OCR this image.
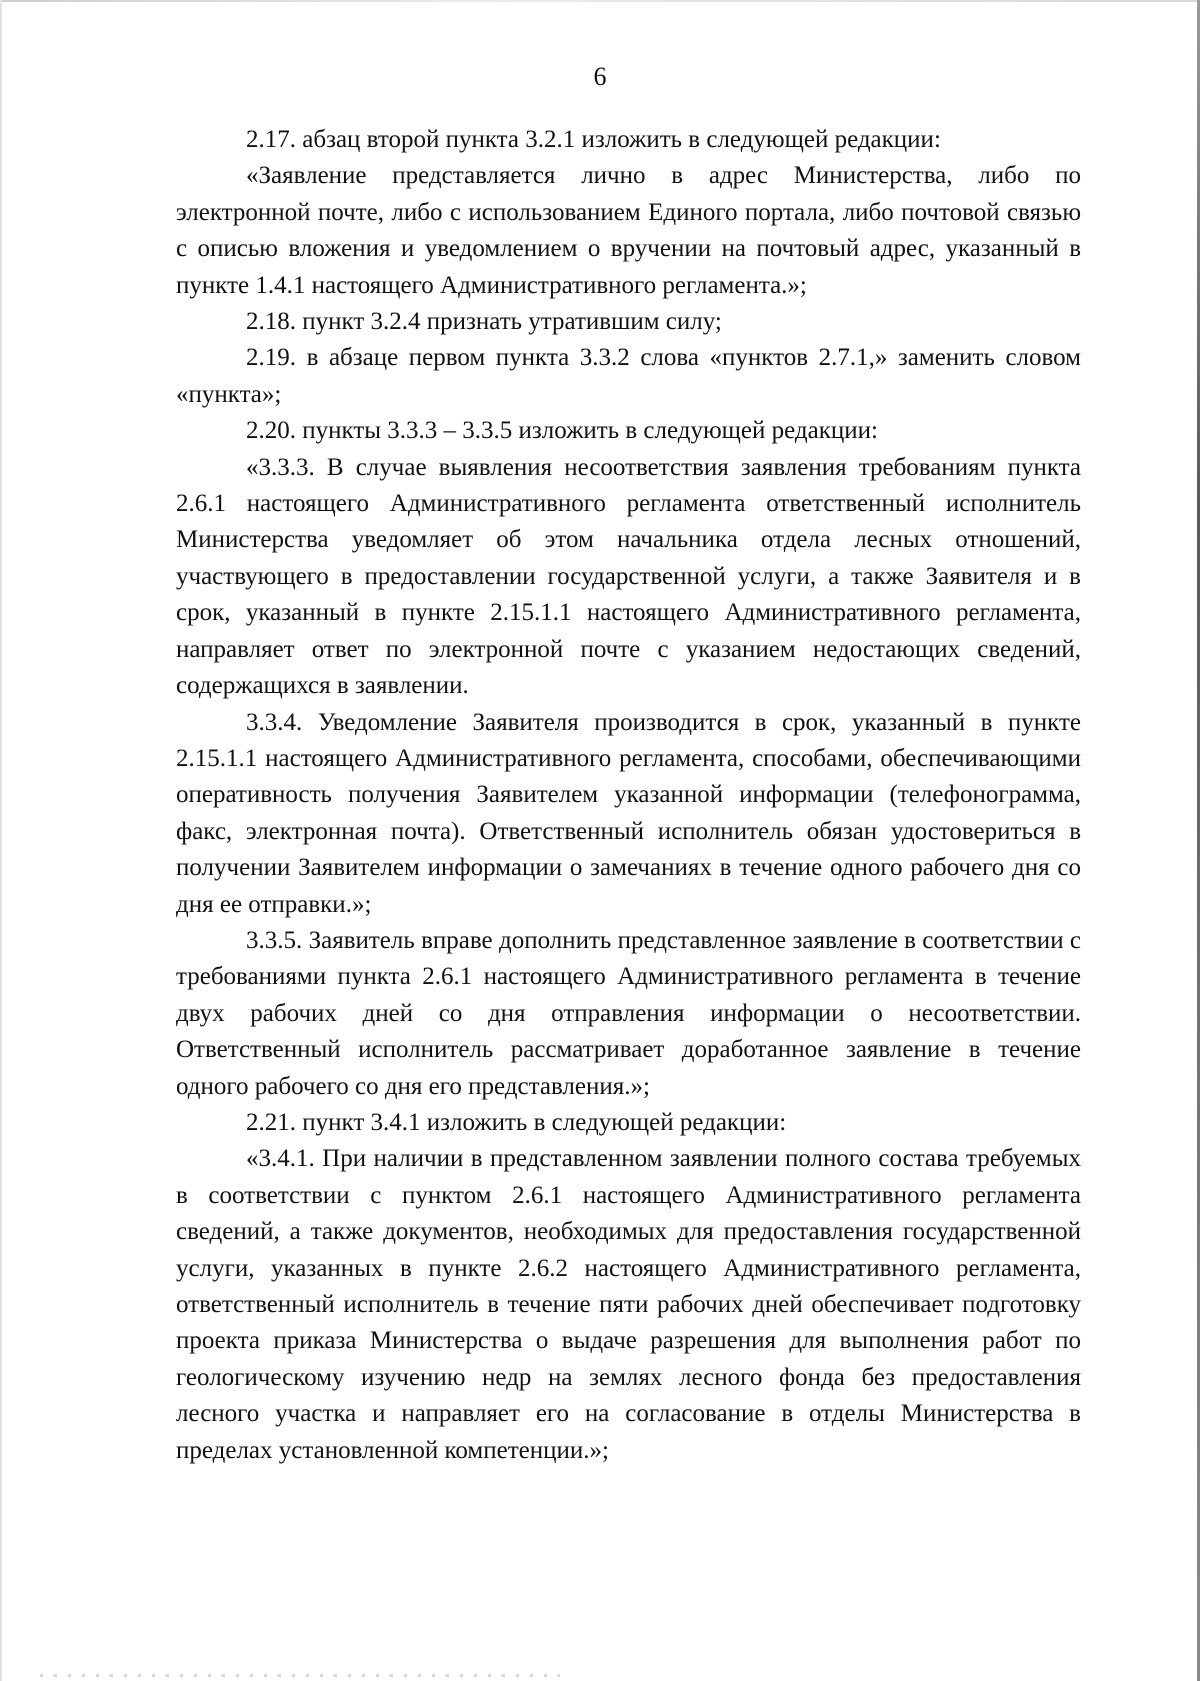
6

2.17. абзац второй пункта 3.2.1 изложить в следующей редакции:

«Заявление представляется лично в адрес Министерства, либо по электронной почте, либо с использованием Единого портала, либо почтовой связью с описью вложения и уведомлением о вручении на почтовый адрес, указанный в пункте 1.4.1 настоящего Административного регламента.»;

2.18. пункт 3.2.4 признать утратившим силу;

2.19. в абзаце первом пункта 3.3.2 слова «пунктов 2.7.1,» заменить словом «пункта»;

2.20. пункты 3.3.3 – 3.3.5 изложить в следующей редакции:

«3.3.3. В случае выявления несоответствия заявления требованиям пункта 2.6.1 настоящего Административного регламента ответственный исполнитель Министерства уведомляет об этом начальника отдела лесных отношений, участвующего в предоставлении государственной услуги, а также Заявителя и в срок, указанный в пункте 2.15.1.1 настоящего Административного регламента, направляет ответ по электронной почте с указанием недостающих сведений, содержащихся в заявлении.

3.3.4. Уведомление Заявителя производится в срок, указанный в пункте 2.15.1.1 настоящего Административного регламента, способами, обеспечивающими оперативность получения Заявителем указанной информации (телефонограмма, факс, электронная почта). Ответственный исполнитель обязан удостовериться в получении Заявителем информации о замечаниях в течение одного рабочего дня со дня ее отправки.»;

3.3.5. Заявитель вправе дополнить представленное заявление в соответствии с требованиями пункта 2.6.1 настоящего Административного регламента в течение двух рабочих дней со дня отправления информации о несоответствии. Ответственный исполнитель рассматривает доработанное заявление в течение одного рабочего со дня его представления.»;

2.21. пункт 3.4.1 изложить в следующей редакции:

«3.4.1. При наличии в представленном заявлении полного состава требуемых в соответствии с пунктом 2.6.1 настоящего Административного регламента сведений, а также документов, необходимых для предоставления государственной услуги, указанных в пункте 2.6.2 настоящего Административного регламента, ответственный исполнитель в течение пяти рабочих дней обеспечивает подготовку проекта приказа Министерства о выдаче разрешения для выполнения работ по геологическому изучению недр на землях лесного фонда без предоставления лесного участка и направляет его на согласование в отделы Министерства в пределах установленной компетенции.»;
